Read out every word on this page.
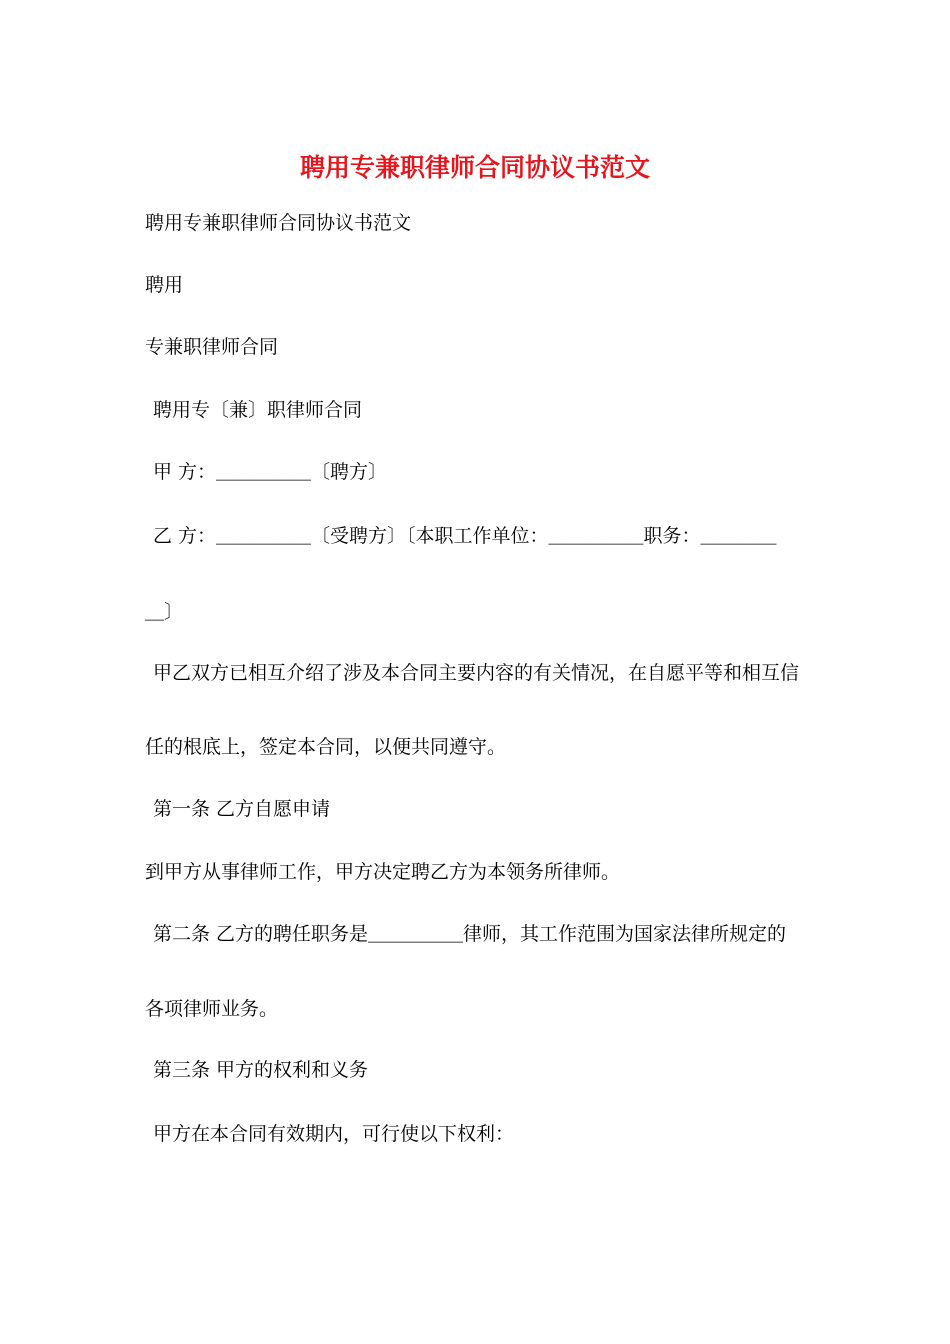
聘用专兼职律师合同协议书范文
聘用专兼职律师合同协议书范文
聘用
专兼职律师合同
聘用专〔兼〕职律师合同
甲 方：＿＿＿＿＿〔聘方〕
乙 方：＿＿＿＿＿〔受聘方〕〔本职工作单位：＿＿＿＿＿职务：＿＿＿＿
＿〕
甲乙双方已相互介绍了涉及本合同主要内容的有关情况，在自愿平等和相互信
任的根底上，签定本合同，以便共同遵守。
第一条 乙方自愿申请
到甲方从事律师工作，甲方决定聘乙方为本领务所律师。
第二条 乙方的聘任职务是＿＿＿＿＿律师，其工作范围为国家法律所规定的
各项律师业务。
第三条 甲方的权利和义务
甲方在本合同有效期内，可行使以下权利：
